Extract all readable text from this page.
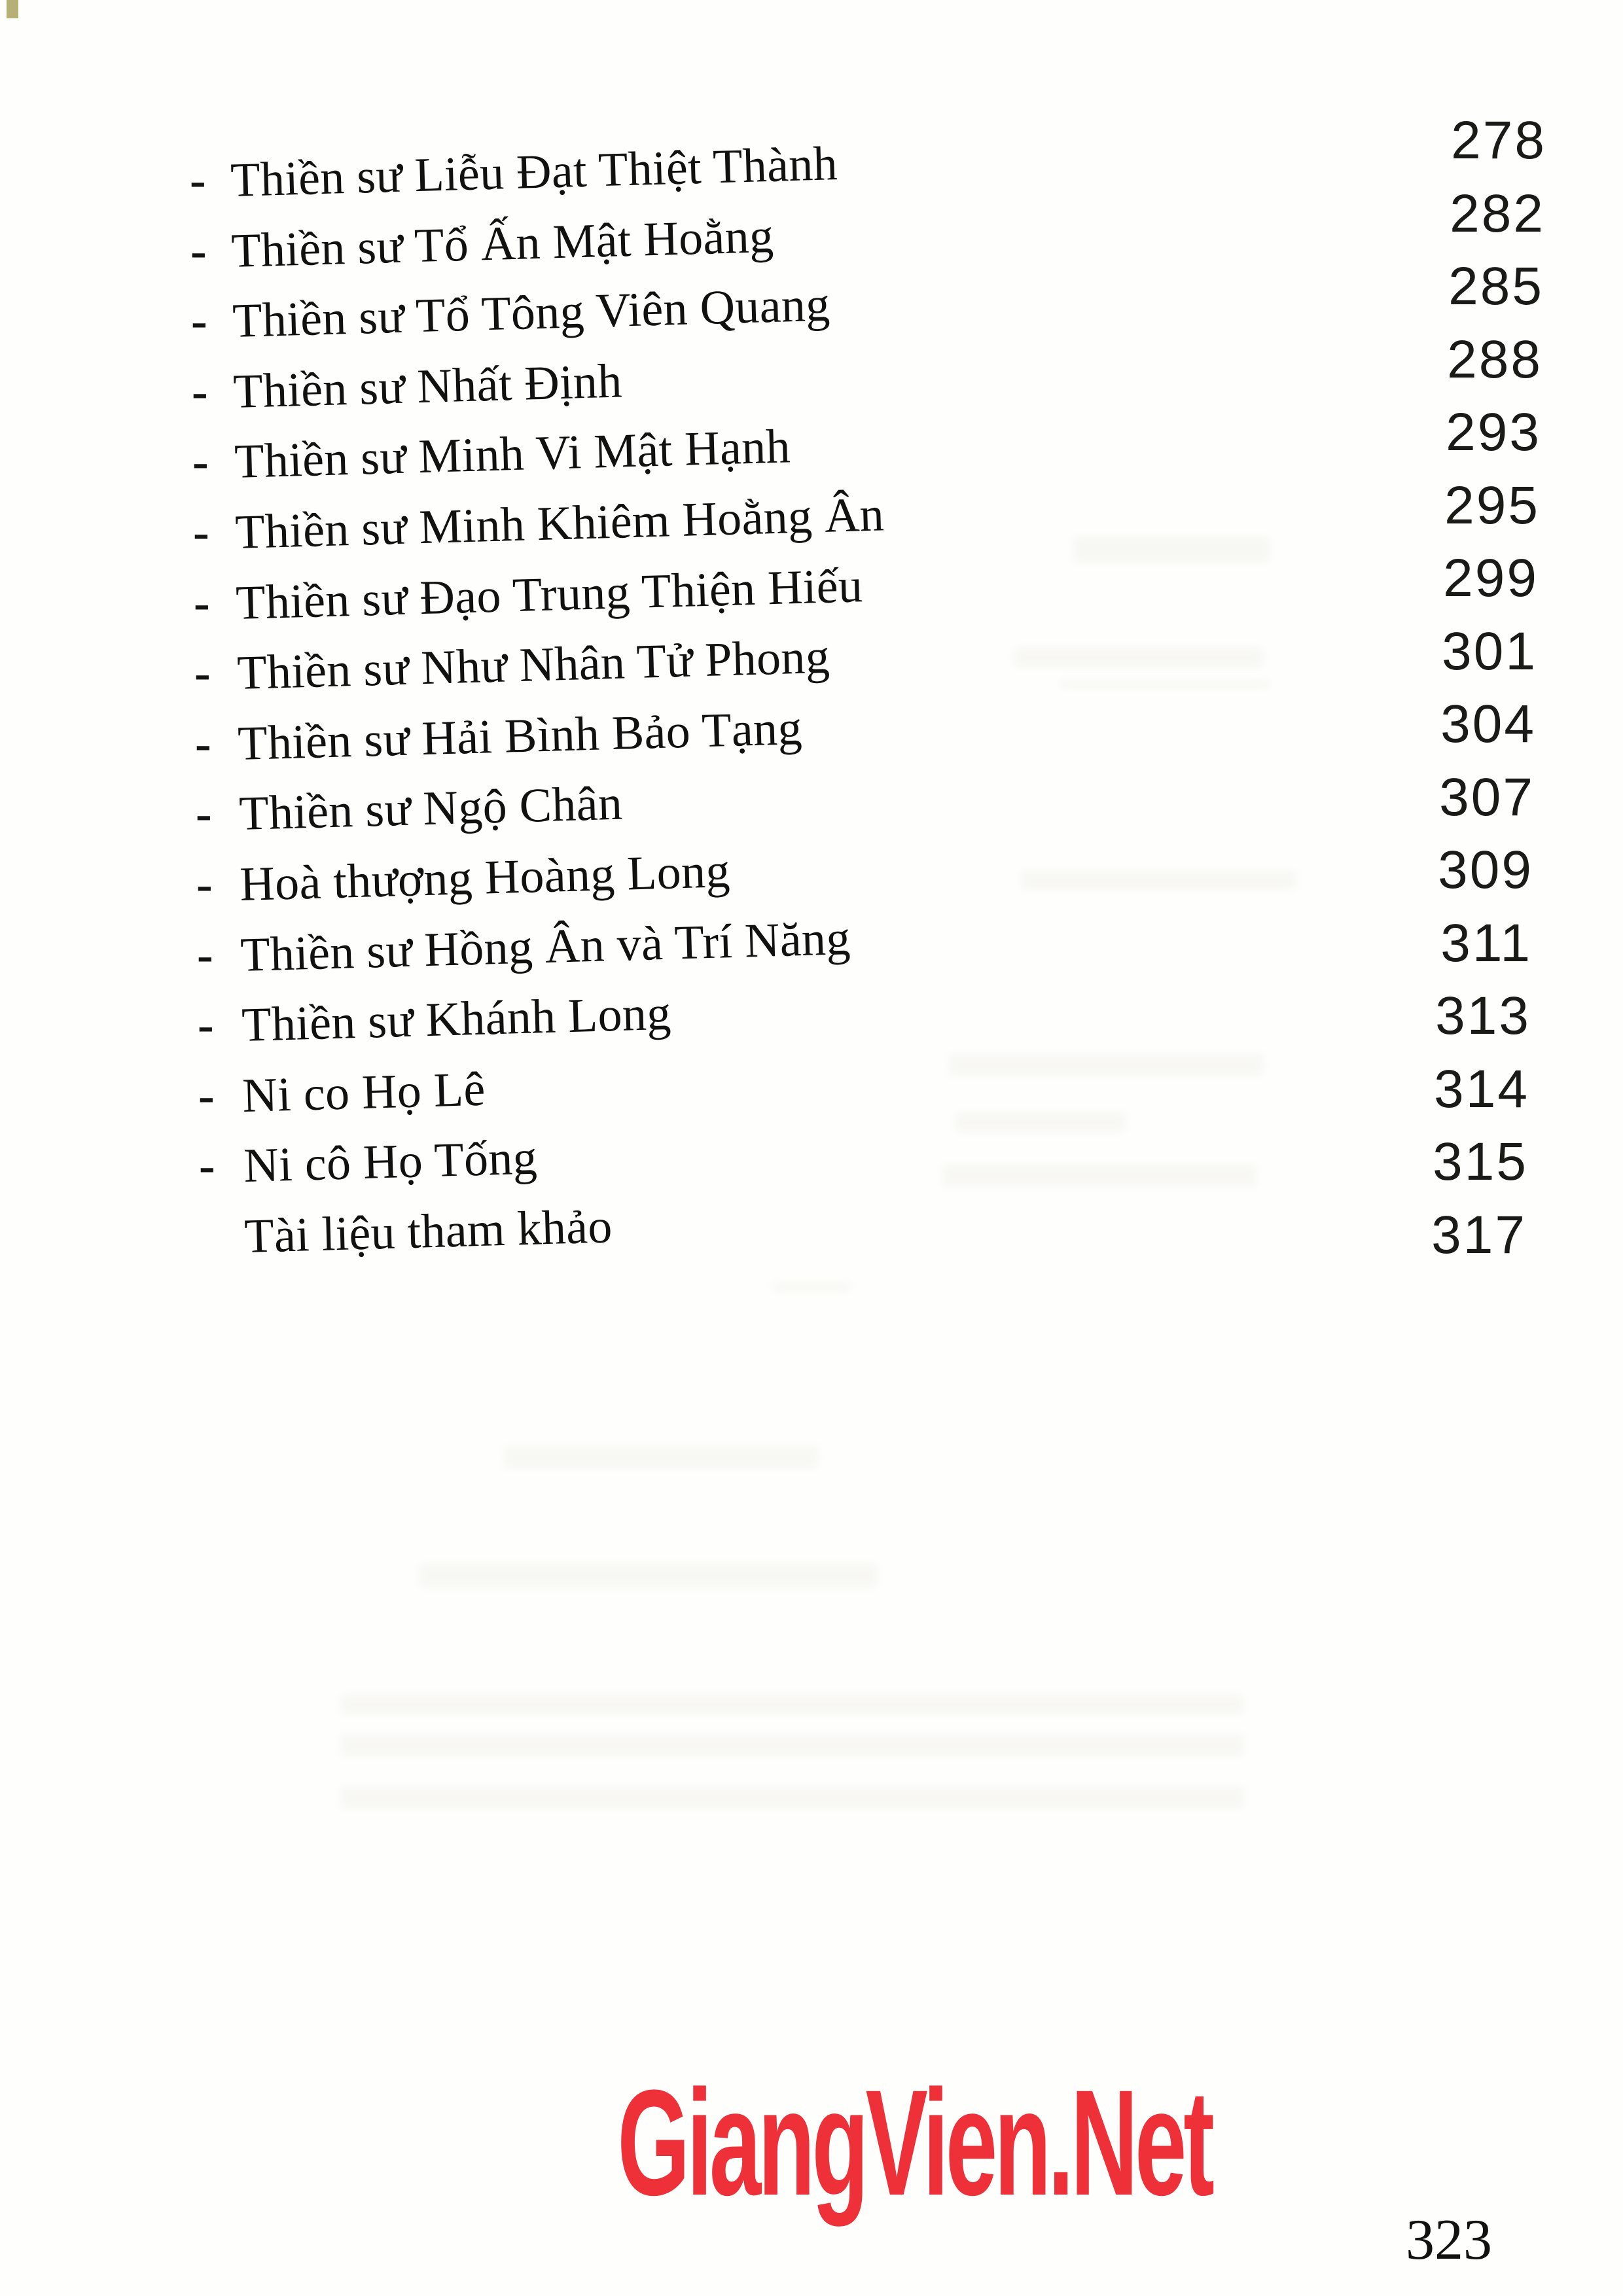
- Thiền sư Liễu Đạt Thiệt Thành	278
- Thiền sư Tổ Ấn Mật Hoằng	282
- Thiền sư Tổ Tông Viên Quang	285
- Thiền sư Nhất Định	288
- Thiền sư Minh Vi Mật Hạnh	293
- Thiền sư Minh Khiêm Hoằng Ân	295
- Thiền sư Đạo Trung Thiện Hiếu	299
- Thiền sư Như Nhân Tử Phong	301
- Thiền sư Hải Bình Bảo Tạng	304
- Thiền sư Ngộ Chân	307
- Hoà thượng Hoàng Long	309
- Thiền sư Hồng Ân và Trí Năng	311
- Thiền sư Khánh Long	313
- Ni co Họ Lê	314
- Ni cô Họ Tống	315
Tài liệu tham khảo	317
GiangVien.Net
323
